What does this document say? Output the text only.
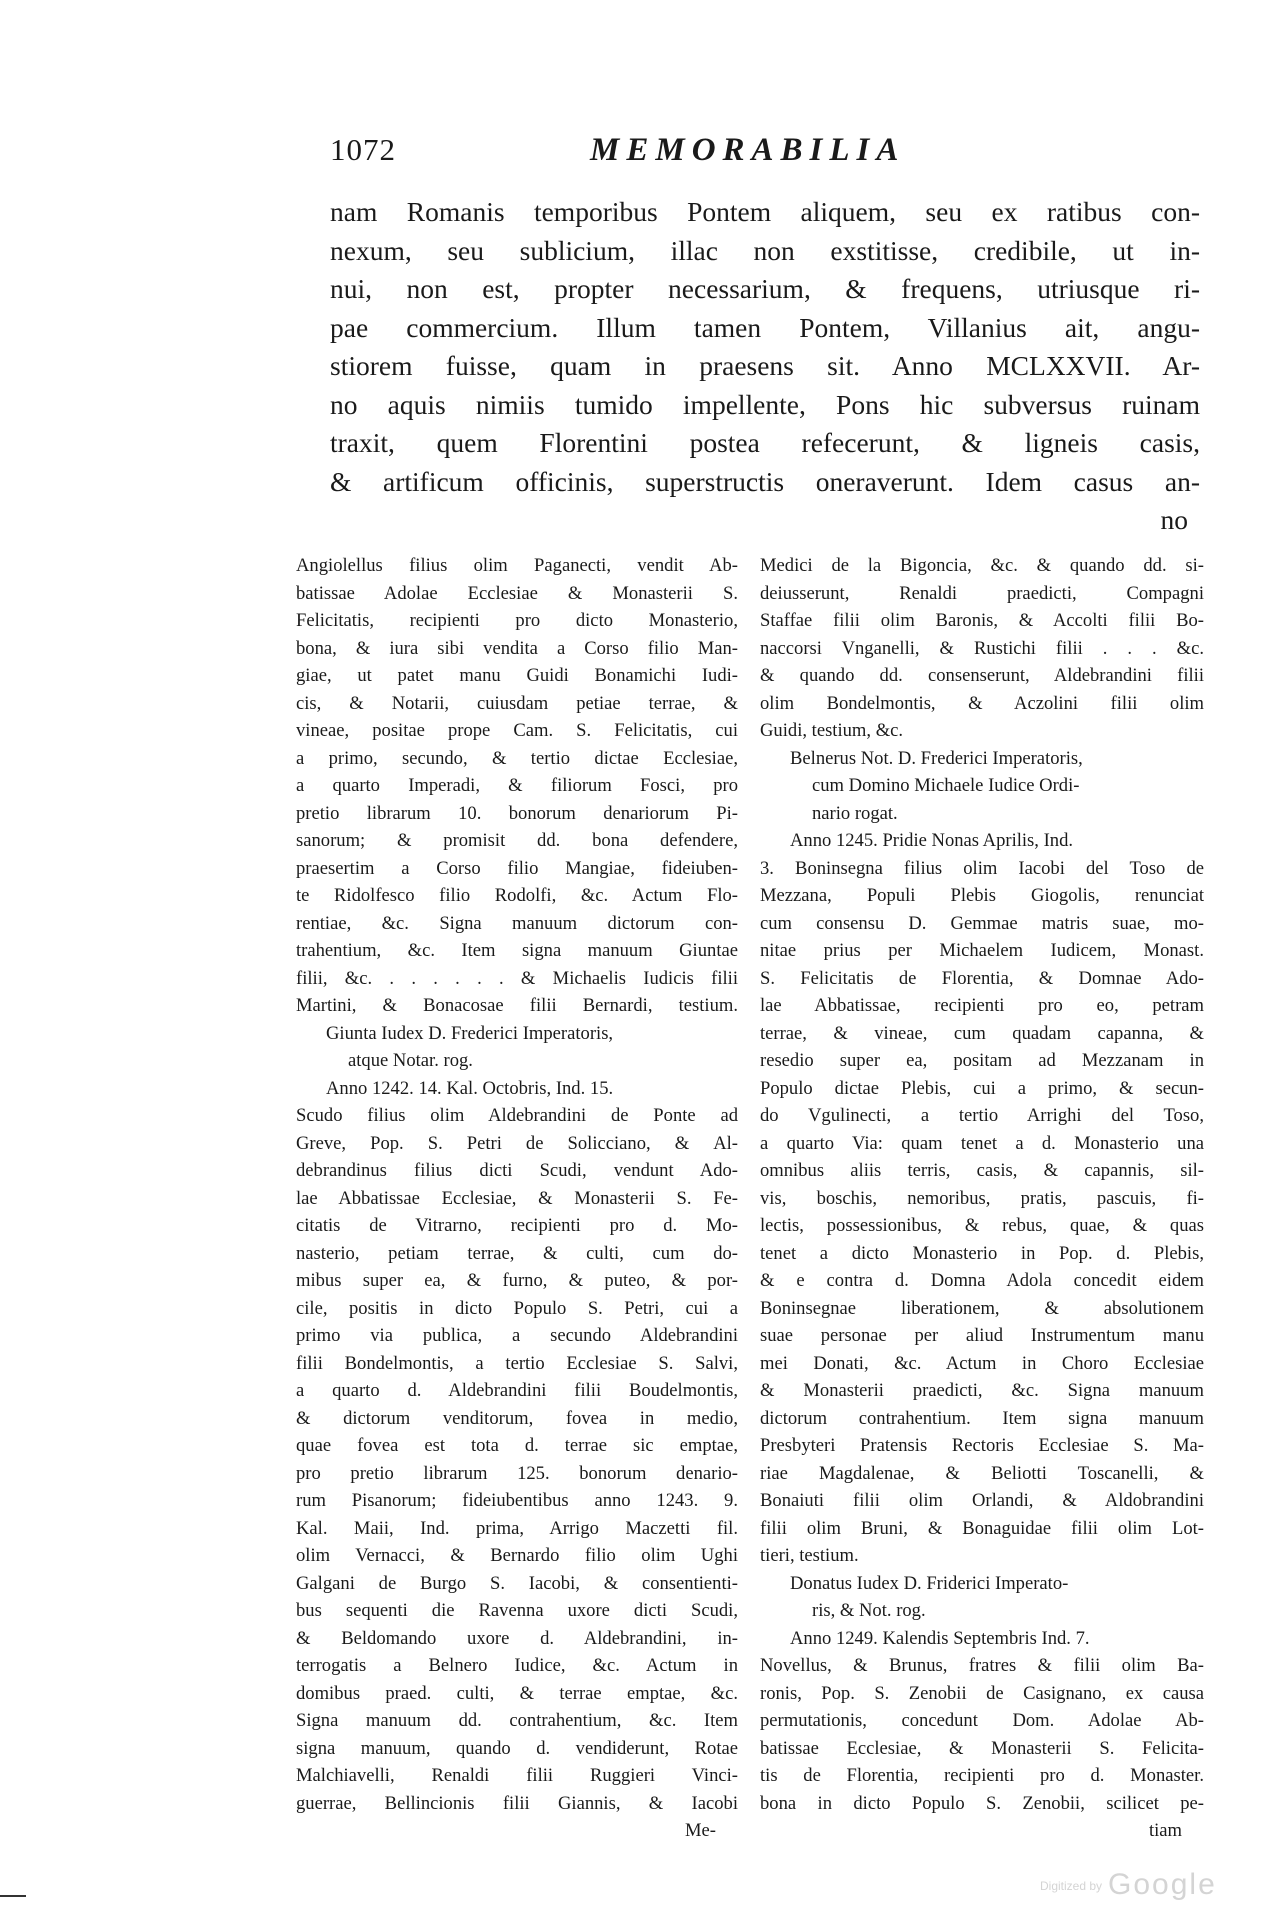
1072	MEMORABILIA
nam Romanis temporibus Pontem aliquem, seu ex ratibus con-
nexum, seu sublicium, illac non exstitisse, credibile, ut in-
nui, non est, propter necessarium, & frequens, utriusque ri-
pae commercium. Illum tamen Pontem, Villanius ait, angu-
stiorem fuisse, quam in praesens sit. Anno MCLXXVII. Ar-
no aquis nimiis tumido impellente, Pons hic subversus ruinam
traxit, quem Florentini postea refecerunt, & ligneis casis,
& artificum officinis, superstructis oneraverunt. Idem casus an-
no
Angiolellus filius olim Paganecti, vendit Ab-
batissae Adolae Ecclesiae & Monasterii S.
Felicitatis, recipienti pro dicto Monasterio,
bona, & iura sibi vendita a Corso filio Man-
giae, ut patet manu Guidi Bonamichi Iudi-
cis, & Notarii, cuiusdam petiae terrae, &
vineae, positae prope Cam. S. Felicitatis, cui
a primo, secundo, & tertio dictae Ecclesiae,
a quarto Imperadi, & filiorum Fosci, pro
pretio librarum 10. bonorum denariorum Pi-
sanorum; & promisit dd. bona defendere,
praesertim a Corso filio Mangiae, fideiuben-
te Ridolfesco filio Rodolfi, &c. Actum Flo-
rentiae, &c. Signa manuum dictorum con-
trahentium, &c. Item signa manuum Giuntae
filii, &c. . . . . . . & Michaelis Iudicis filii
Martini, & Bonacosae filii Bernardi, testium.
Giunta Iudex D. Frederici Imperatoris,
atque Notar. rog.
Anno 1242. 14. Kal. Octobris, Ind. 15.
Scudo filius olim Aldebrandini de Ponte ad
Greve, Pop. S. Petri de Soliccianо, & Al-
debrandinus filius dicti Scudi, vendunt Ado-
lae Abbatissae Ecclesiae, & Monasterii S. Fe-
citatis de Vitrarno, recipienti pro d. Mo-
nasterio, petiam terrae, & culti, cum do-
mibus super ea, & furno, & puteo, & por-
cile, positis in dicto Populo S. Petri, cui a
primo via publica, a secundo Aldebrandini
filii Bondelmontis, a tertio Ecclesiae S. Salvi,
a quarto d. Aldebrandini filii Boudelmontis,
& dictorum venditorum, fovea in medio,
quae fovea est tota d. terrae sic emptae,
pro pretio librarum 125. bonorum denario-
rum Pisanorum; fideiubentibus anno 1243. 9.
Kal. Maii, Ind. prima, Arrigo Maczetti fil.
olim Vernacci, & Bernardo filio olim Ughi
Galgani de Burgo S. Iacobi, & consentienti-
bus sequenti die Ravenna uxore dicti Scudi,
& Beldomando uxore d. Aldebrandini, in-
terrogatis a Belnero Iudice, &c. Actum in
domibus praed. culti, & terrae emptae, &c.
Signa manuum dd. contrahentium, &c. Item
signa manuum, quando d. vendiderunt, Rotae
Malchiavelli, Renaldi filii Ruggieri Vinci-
guerrae, Bellincionis filii Giannis, & Iacobi
Me-
Medici de la Bigoncia, &c. & quando dd. si-
deiusserunt, Renaldi praedicti, Compagni
Staffae filii olim Baronis, & Accolti filii Bo-
naccorsi Vnganelli, & Rustichi filii . . . &c.
& quando dd. consenserunt, Aldebrandini filii
olim Bondelmontis, & Aczolini filii olim
Guidi, testium, &c.
Belnerus Not. D. Frederici Imperatoris,
cum Domino Michaele Iudice Ordi-
nario rogat.
Anno 1245. Pridie Nonas Aprilis, Ind.
3. Boninsegna filius olim Iacobi del Toso de
Mezzana, Populi Plebis Giogolis, renunciat
cum consensu D. Gemmae matris suae, mo-
nitae prius per Michaelem Iudicem, Monast.
S. Felicitatis de Florentia, & Domnae Ado-
lae Abbatissae, recipienti pro eo, petram
terrae, & vineae, cum quadam capanna, &
resedio super ea, positam ad Mezzanam in
Populo dictae Plebis, cui a primo, & secun-
do Vgulinecti, a tertio Arrighi del Toso,
a quarto Via: quam tenet a d. Monasterio una
omnibus aliis terris, casis, & capannis, sil-
vis, boschis, nemoribus, pratis, pascuis, fi-
lectis, possessionibus, & rebus, quae, & quas
tenet a dicto Monasterio in Pop. d. Plebis,
& e contra d. Domna Adola concedit eidem
Boninsegnae liberationem, & absolutionem
suae personae per aliud Instrumentum manu
mei Donati, &c. Actum in Choro Ecclesiae
& Monasterii praedicti, &c. Signa manuum
dictorum contrahentium. Item signa manuum
Presbyteri Pratensis Rectoris Ecclesiae S. Ma-
riae Magdalenae, & Beliotti Toscanelli, &
Bonaiuti filii olim Orlandi, & Aldobrandini
filii olim Bruni, & Bonaguidae filii olim Lot-
tieri, testium.
Donatus Iudex D. Friderici Imperato-
ris, & Not. rog.
Anno 1249. Kalendis Septembris Ind. 7.
Novellus, & Brunus, fratres & filii olim Ba-
ronis, Pop. S. Zenobii de Casignano, ex causa
permutationis, concedunt Dom. Adolae Ab-
batissae Ecclesiae, & Monasterii S. Felicita-
tis de Florentia, recipienti pro d. Monaster.
bona in dicto Populo S. Zenobii, scilicet pe-
tiam
Digitized by Google
